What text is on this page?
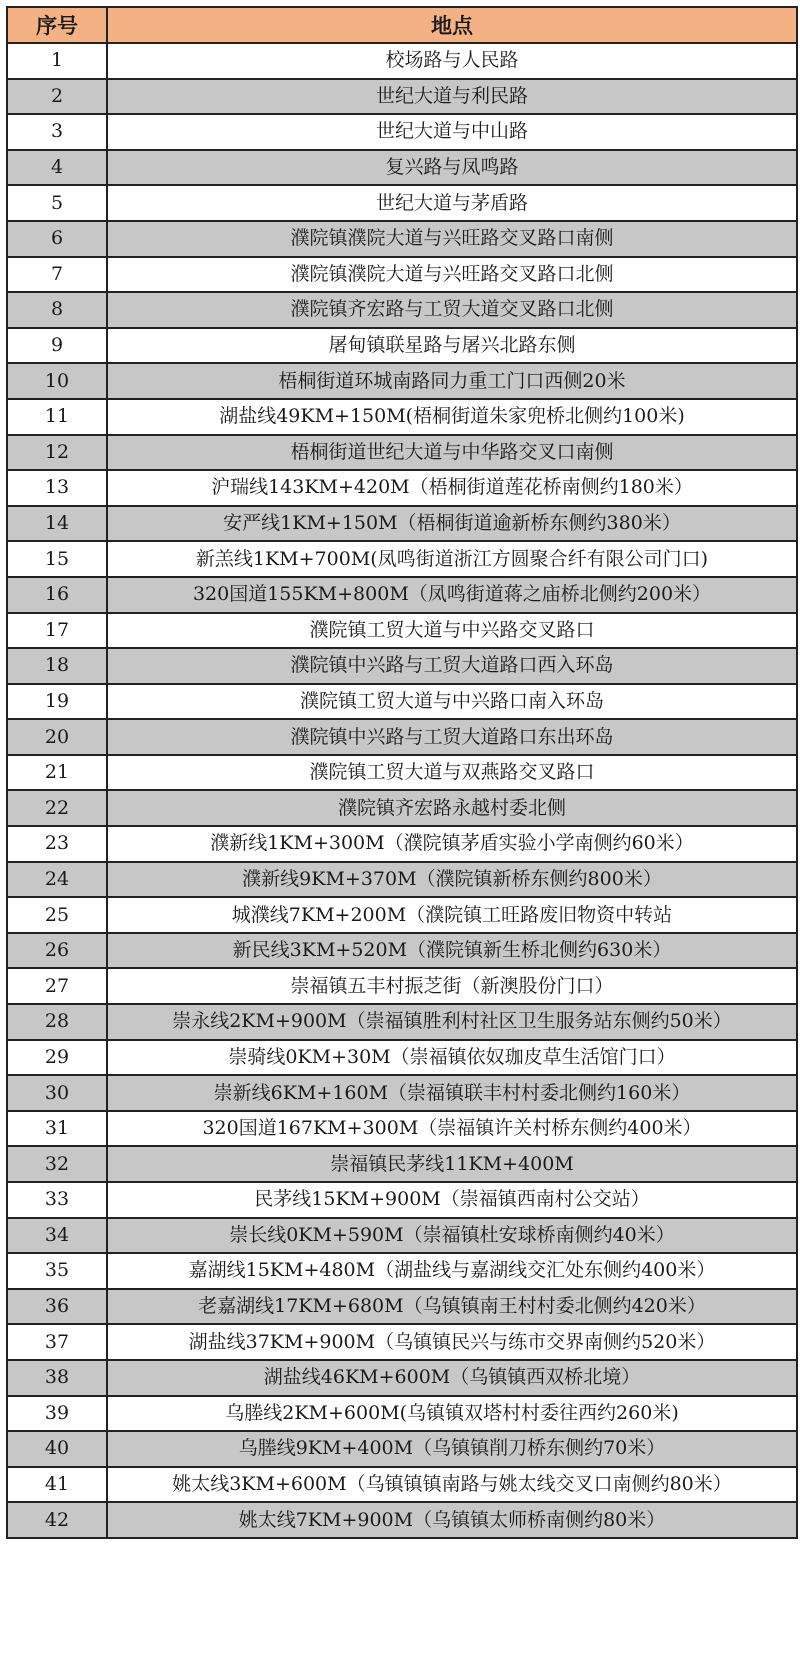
序号	地点
1	校场路与人民路
2	世纪大道与利民路
3	世纪大道与中山路
4	复兴路与凤鸣路
5	世纪大道与茅盾路
6	濮院镇濮院大道与兴旺路交叉路口南侧
7	濮院镇濮院大道与兴旺路交叉路口北侧
8	濮院镇齐宏路与工贸大道交叉路口北侧
9	屠甸镇联星路与屠兴北路东侧
10	梧桐街道环城南路同力重工门口西侧20米
11	湖盐线49KM+150M(梧桐街道朱家兜桥北侧约100米)
12	梧桐街道世纪大道与中华路交叉口南侧
13	沪瑞线143KM+420M（梧桐街道莲花桥南侧约180米）
14	安严线1KM+150M（梧桐街道逾新桥东侧约380米）
15	新羔线1KM+700M(凤鸣街道浙江方圆聚合纤有限公司门口)
16	320国道155KM+800M（凤鸣街道蒋之庙桥北侧约200米）
17	濮院镇工贸大道与中兴路交叉路口
18	濮院镇中兴路与工贸大道路口西入环岛
19	濮院镇工贸大道与中兴路口南入环岛
20	濮院镇中兴路与工贸大道路口东出环岛
21	濮院镇工贸大道与双燕路交叉路口
22	濮院镇齐宏路永越村委北侧
23	濮新线1KM+300M（濮院镇茅盾实验小学南侧约60米）
24	濮新线9KM+370M（濮院镇新桥东侧约800米）
25	城濮线7KM+200M（濮院镇工旺路废旧物资中转站
26	新民线3KM+520M（濮院镇新生桥北侧约630米）
27	崇福镇五丰村振芝街（新澳股份门口）
28	崇永线2KM+900M（崇福镇胜利村社区卫生服务站东侧约50米）
29	崇骑线0KM+30M（崇福镇依奴珈皮草生活馆门口）
30	崇新线6KM+160M（崇福镇联丰村村委北侧约160米）
31	320国道167KM+300M（崇福镇许关村桥东侧约400米）
32	崇福镇民茅线11KM+400M
33	民茅线15KM+900M（崇福镇西南村公交站）
34	崇长线0KM+590M（崇福镇杜安球桥南侧约40米）
35	嘉湖线15KM+480M（湖盐线与嘉湖线交汇处东侧约400米）
36	老嘉湖线17KM+680M（乌镇镇南王村村委北侧约420米）
37	湖盐线37KM+900M（乌镇镇民兴与练市交界南侧约520米）
38	湖盐线46KM+600M（乌镇镇西双桥北境）
39	乌塍线2KM+600M(乌镇镇双塔村村委往西约260米)
40	乌塍线9KM+400M（乌镇镇削刀桥东侧约70米）
41	姚太线3KM+600M（乌镇镇镇南路与姚太线交叉口南侧约80米）
42	姚太线7KM+900M（乌镇镇太师桥南侧约80米）
